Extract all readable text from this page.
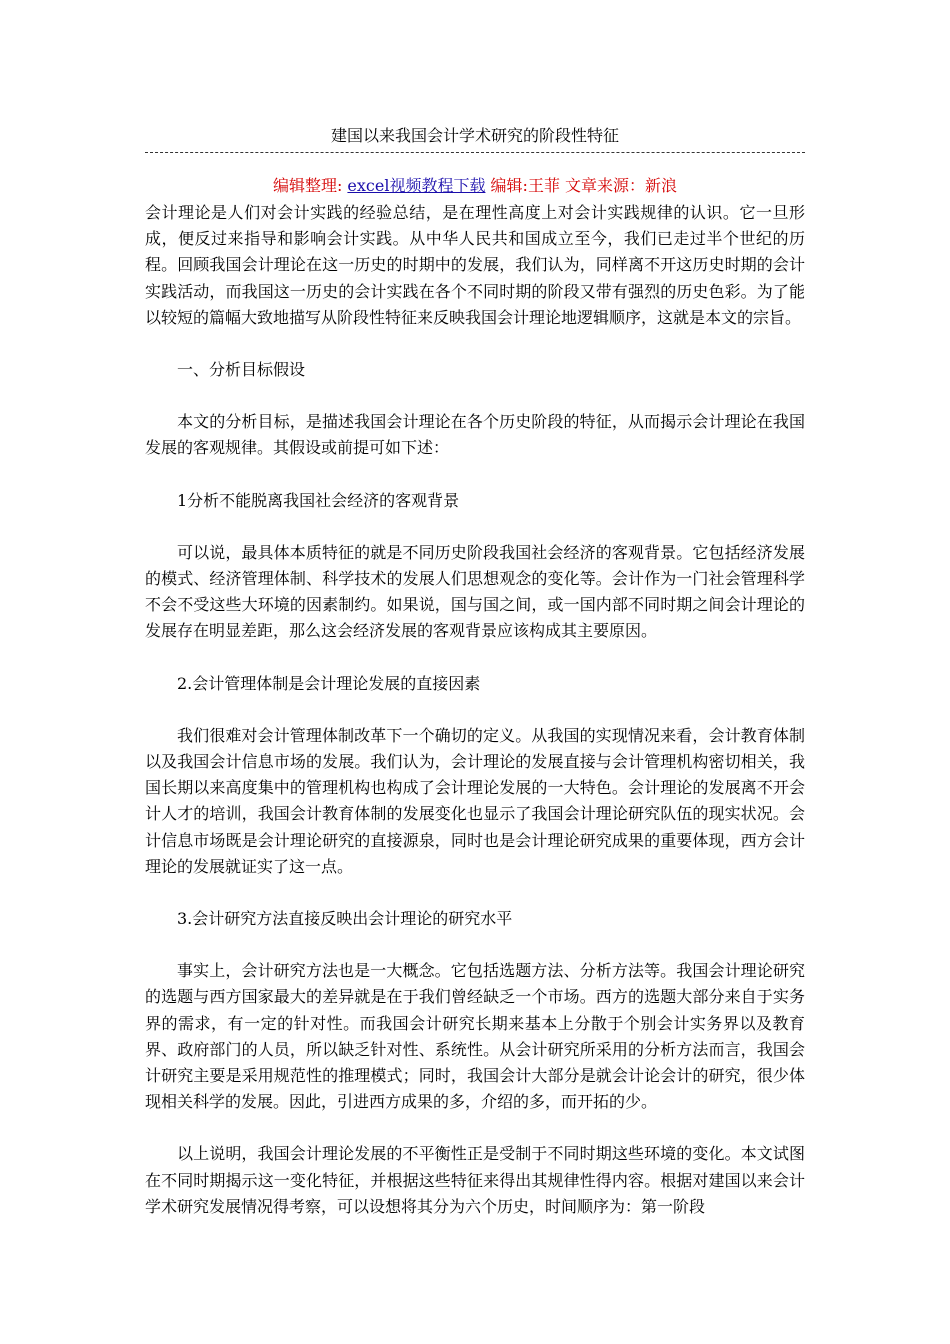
建国以来我国会计学术研究的阶段性特征
编辑整理: excel视频教程下载 编辑:王菲 文章来源：新浪

会计理论是人们对会计实践的经验总结，是在理性高度上对会计实践规律的认识。它一旦形成，便反过来指导和影响会计实践。从中华人民共和国成立至今，我们已走过半个世纪的历程。回顾我国会计理论在这一历史的时期中的发展，我们认为，同样离不开这历史时期的会计实践活动，而我国这一历史的会计实践在各个不同时期的阶段又带有强烈的历史色彩。为了能以较短的篇幅大致地描写从阶段性特征来反映我国会计理论地逻辑顺序，这就是本文的宗旨。

一、分析目标假设

本文的分析目标，是描述我国会计理论在各个历史阶段的特征，从而揭示会计理论在我国发展的客观规律。其假设或前提可如下述：

1分析不能脱离我国社会经济的客观背景

可以说，最具体本质特征的就是不同历史阶段我国社会经济的客观背景。它包括经济发展的模式、经济管理体制、科学技术的发展人们思想观念的变化等。会计作为一门社会管理科学不会不受这些大环境的因素制约。如果说，国与国之间，或一国内部不同时期之间会计理论的发展存在明显差距，那么这会经济发展的客观背景应该构成其主要原因。

2.会计管理体制是会计理论发展的直接因素

我们很难对会计管理体制改革下一个确切的定义。从我国的实现情况来看，会计教育体制以及我国会计信息市场的发展。我们认为，会计理论的发展直接与会计管理机构密切相关，我国长期以来高度集中的管理机构也构成了会计理论发展的一大特色。会计理论的发展离不开会计人才的培训，我国会计教育体制的发展变化也显示了我国会计理论研究队伍的现实状况。会计信息市场既是会计理论研究的直接源泉，同时也是会计理论研究成果的重要体现，西方会计理论的发展就证实了这一点。

3.会计研究方法直接反映出会计理论的研究水平

事实上，会计研究方法也是一大概念。它包括选题方法、分析方法等。我国会计理论研究的选题与西方国家最大的差异就是在于我们曾经缺乏一个市场。西方的选题大部分来自于实务界的需求，有一定的针对性。而我国会计研究长期来基本上分散于个别会计实务界以及教育界、政府部门的人员，所以缺乏针对性、系统性。从会计研究所采用的分析方法而言，我国会计研究主要是采用规范性的推理模式；同时，我国会计大部分是就会计论会计的研究，很少体现相关科学的发展。因此，引进西方成果的多，介绍的多，而开拓的少。

以上说明，我国会计理论发展的不平衡性正是受制于不同时期这些环境的变化。本文试图在不同时期揭示这一变化特征，并根据这些特征来得出其规律性得内容。根据对建国以来会计学术研究发展情况得考察，可以设想将其分为六个历史，时间顺序为：第一阶段
